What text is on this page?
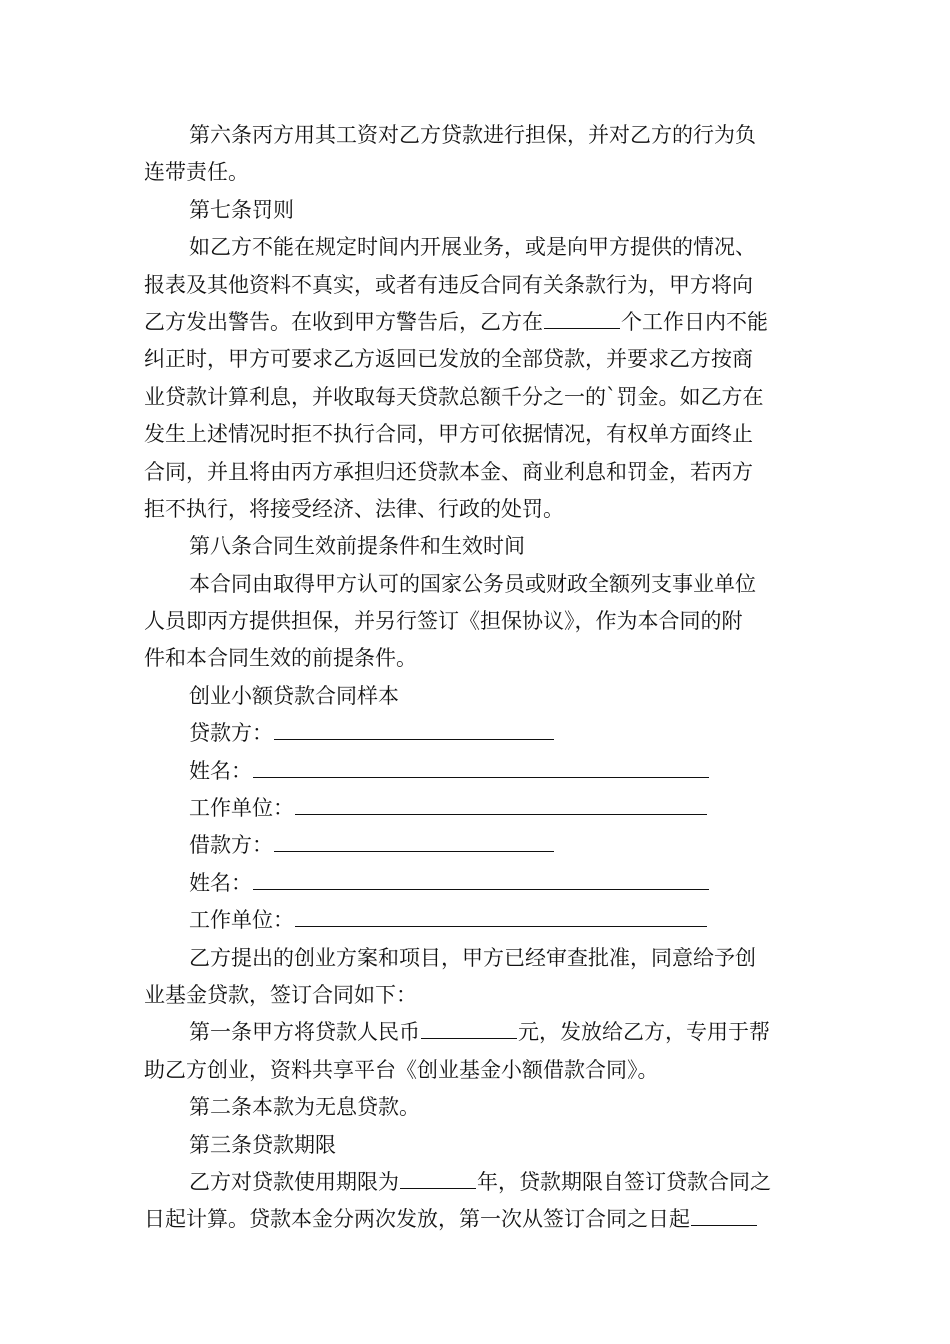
第六条丙方用其工资对乙方贷款进行担保，并对乙方的行为负
连带责任。
第七条罚则
如乙方不能在规定时间内开展业务，或是向甲方提供的情况、
报表及其他资料不真实，或者有违反合同有关条款行为，甲方将向
乙方发出警告。在收到甲方警告后，乙方在	个工作日内不能
纠正时，甲方可要求乙方返回已发放的全部贷款，并要求乙方按商
业贷款计算利息，并收取每天贷款总额千分之一的`罚金。如乙方在
发生上述情况时拒不执行合同，甲方可依据情况，有权单方面终止
合同，并且将由丙方承担归还贷款本金、商业利息和罚金，若丙方
拒不执行，将接受经济、法律、行政的处罚。
第八条合同生效前提条件和生效时间
本合同由取得甲方认可的国家公务员或财政全额列支事业单位
人员即丙方提供担保，并另行签订《担保协议》，作为本合同的附
件和本合同生效的前提条件。
创业小额贷款合同样本
贷款方：
姓名：
工作单位：
借款方：
姓名：
工作单位：
乙方提出的创业方案和项目，甲方已经审查批准，同意给予创
业基金贷款，签订合同如下：
第一条甲方将贷款人民币	元，发放给乙方，专用于帮
助乙方创业，资料共享平台《创业基金小额借款合同》。
第二条本款为无息贷款。
第三条贷款期限
乙方对贷款使用期限为	年，贷款期限自签订贷款合同之
日起计算。贷款本金分两次发放，第一次从签订合同之日起
